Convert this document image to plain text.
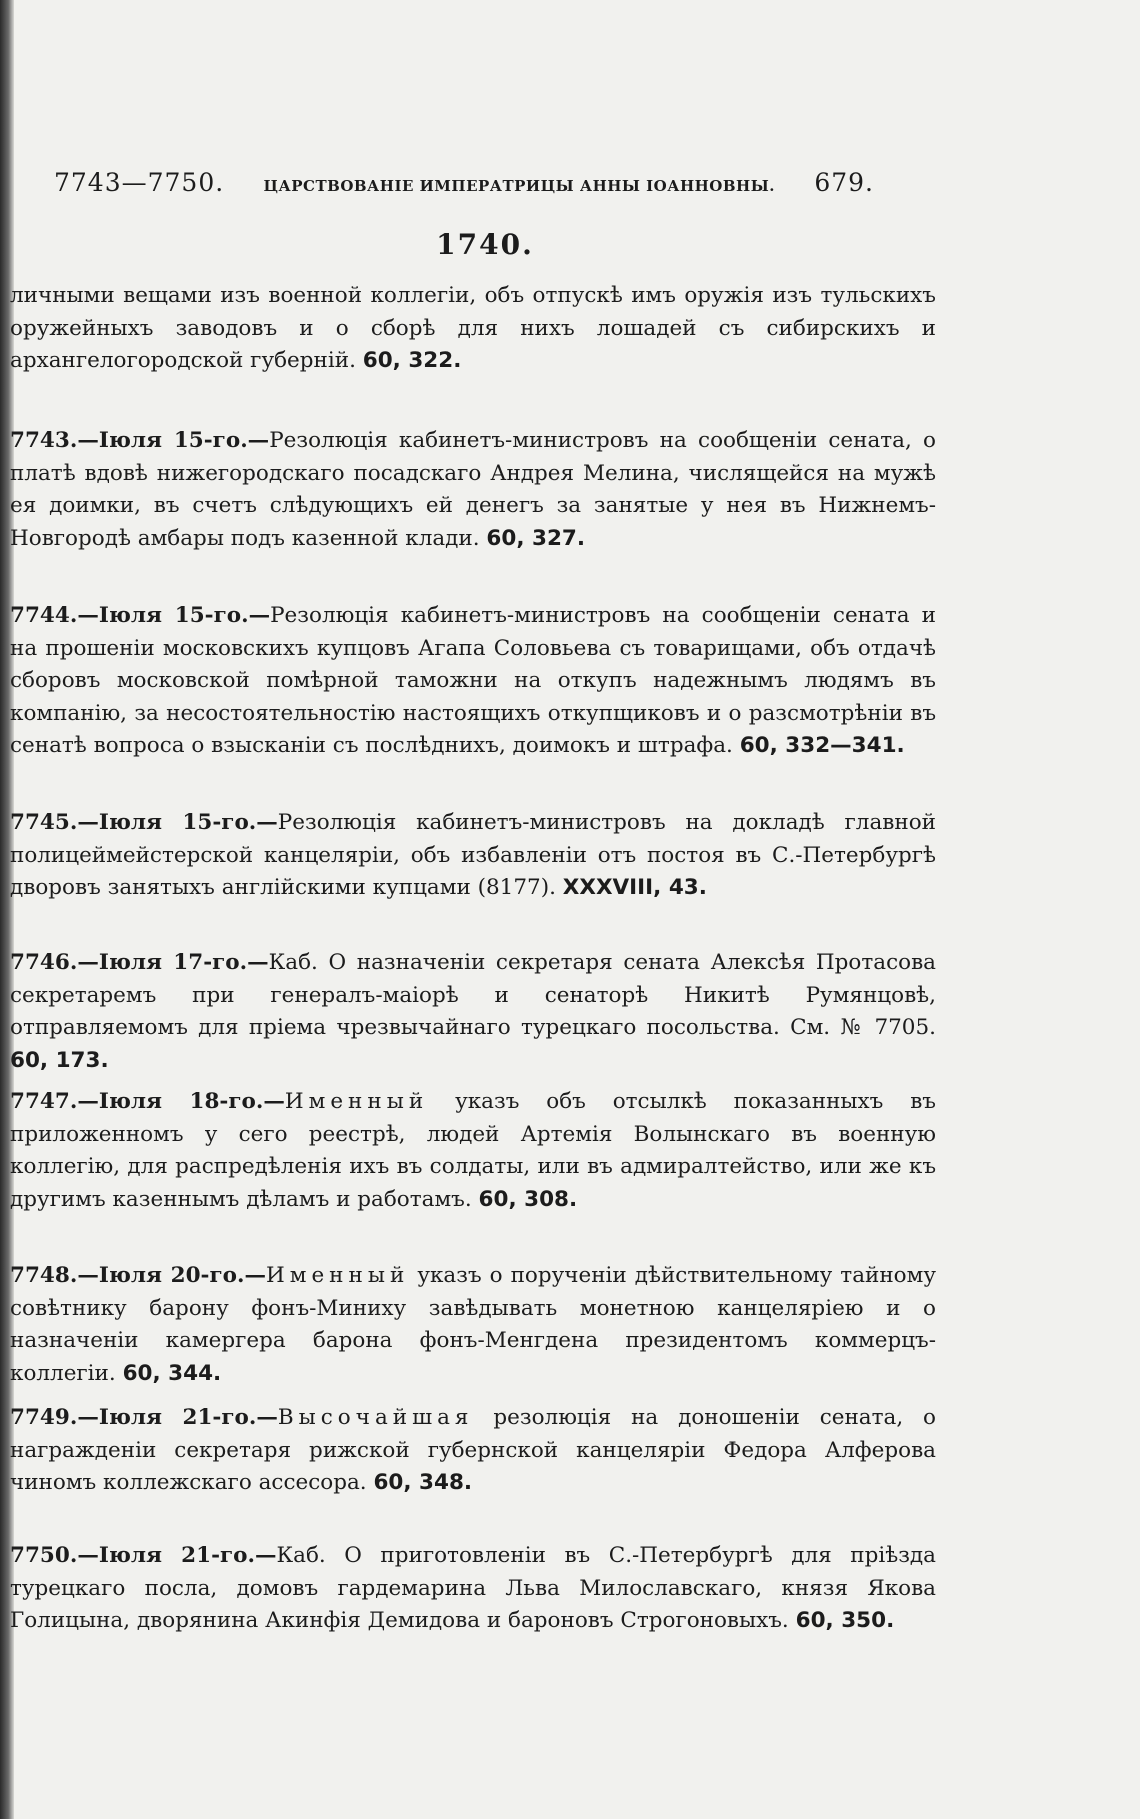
7743—7750.	ЦАРСТВОВАНІЕ ИМПЕРАТРИЦЫ АННЫ ІОАННОВНЫ. 679.
1740.

личными вещами изъ военной коллегіи, объ отпускѣ имъ оружія изъ тульскихъ оружейныхъ заводовъ и о сборѣ для нихъ лошадей съ сибирскихъ и архангелогородской губерній. 60, 322.

7743.—Іюля 15-го.—Резолюція кабинетъ-министровъ на сообщеніи сената, о платѣ вдовѣ нижегородскаго посадскаго Андрея Мелина, числящейся на мужѣ ея доимки, въ счетъ слѣдующихъ ей денегъ за занятые у нея въ Нижнемъ-Новгородѣ амбары подъ казенной клади. 60, 327.

7744.—Іюля 15-го.—Резолюція кабинетъ-министровъ на сообщеніи сената и на прошеніи московскихъ купцовъ Агапа Соловьева съ товарищами, объ отдачѣ сборовъ московской помѣрной таможни на откупъ надежнымъ людямъ въ компанію, за несостоятельностію настоящихъ откупщиковъ и о разсмотрѣніи въ сенатѣ вопроса о взысканіи съ послѣднихъ, доимокъ и штрафа. 60, 332—341.

7745.—Іюля 15-го.—Резолюція кабинетъ-министровъ на докладѣ главной полицеймейстерской канцеляріи, объ избавленіи отъ постоя въ С.-Петербургѣ дворовъ занятыхъ англійскими купцами (8177). XXXVIII, 43.

7746.—Іюля 17-го.—Каб. О назначеніи секретаря сената Алексѣя Протасова секретаремъ при генералъ-маіорѣ и сенаторѣ Никитѣ Румянцовѣ, отправляемомъ для пріема чрезвычайнаго турецкаго посольства. См. № 7705. 60, 173.

7747.—Іюля 18-го.—Именный указъ объ отсылкѣ показанныхъ въ приложенномъ у сего реестрѣ, людей Артемія Волынскаго въ военную коллегію, для распредѣленія ихъ въ солдаты, или въ адмиралтейство, или же къ другимъ казеннымъ дѣламъ и работамъ. 60, 308.

7748.—Іюля 20-го.—Именный указъ о порученіи дѣйствительному тайному совѣтнику барону фонъ-Миниху завѣдывать монетною канцеляріею и о назначеніи камергера барона фонъ-Менгдена президентомъ коммерцъ-коллегіи. 60, 344.

7749.—Іюля 21-го.—Высочайшая резолюція на доношеніи сената, о награжденіи секретаря рижской губернской канцеляріи Федора Алферова чиномъ коллежскаго ассесора. 60, 348.

7750.—Іюля 21-го.—Каб. О приготовленіи въ С.-Петербургѣ для пріѣзда турецкаго посла, домовъ гардемарина Льва Милославскаго, князя Якова Голицына, дворянина Акинфія Демидова и бароновъ Строгоновыхъ. 60, 350.
